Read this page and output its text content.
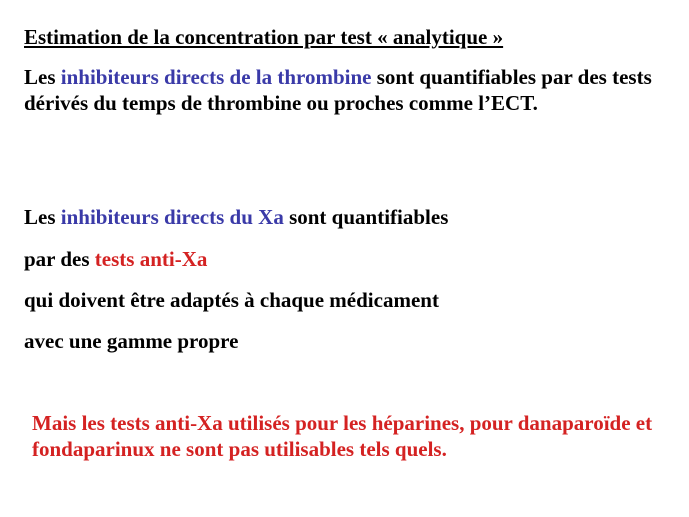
Estimation de la concentration par test « analytique »
Les inhibiteurs directs de la thrombine sont quantifiables par des tests dérivés du temps de thrombine ou proches comme l’ECT.
Les inhibiteurs directs du Xa sont quantifiables
par des tests anti-Xa
qui doivent être adaptés à chaque médicament
avec une gamme propre
Mais les tests anti-Xa utilisés pour les héparines, pour danaparoïde et fondaparinux ne sont pas utilisables tels quels.
